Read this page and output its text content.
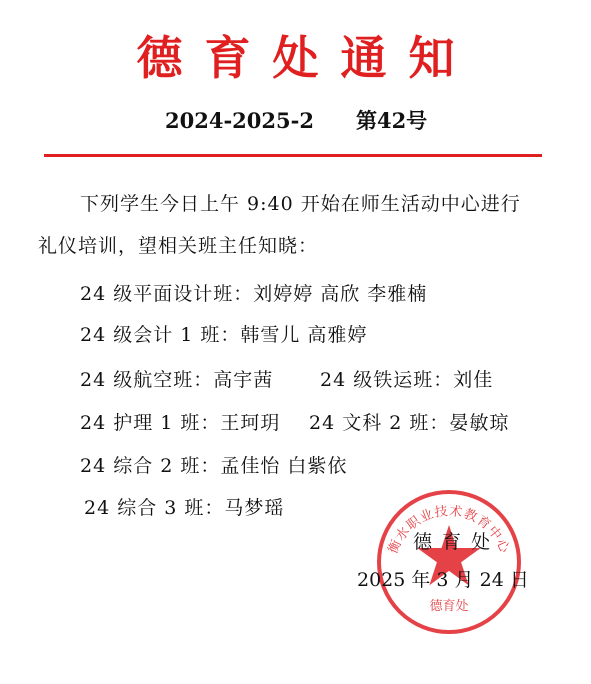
德育处通知
2024-2025-2 第42号
下列学生今日上午 9:40 开始在师生活动中心进行
礼仪培训，望相关班主任知晓：
24 级平面设计班：刘婷婷 高欣 李雅楠
24 级会计 1 班：韩雪儿 高雅婷
24 级航空班：高宇茜 24 级铁运班：刘佳
24 护理 1 班：王珂玥 24 文科 2 班：晏敏琼
24 综合 2 班：孟佳怡 白紫依
24 综合 3 班：马梦瑶
衡水职业技术教育中心
德育处
德 育 处
2025 年 3 月 24 日
